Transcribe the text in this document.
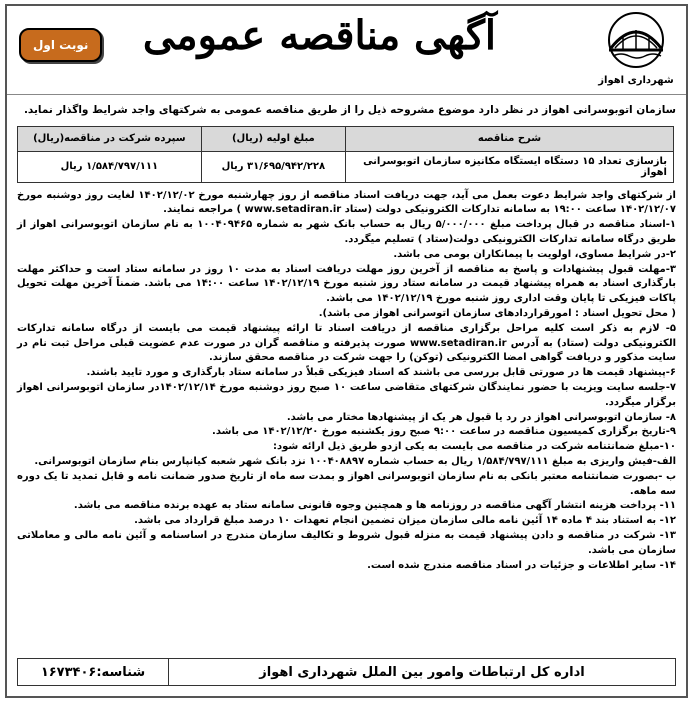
شهرداری اهواز
آگهی مناقصه عمومی
نوبت اول
سازمان اتوبوسرانی اهواز در نظر دارد موضوع مشروحه ذیل را از طریق مناقصه عمومی به شرکتهای واجد شرایط واگذار نماید.
شرح مناقصه	مبلغ اولیه (ریال)	سپرده شرکت در مناقصه(ریال)
بازسازی تعداد ۱۵ دستگاه ایستگاه مکانیزه سازمان اتوبوسرانی اهواز	۳۱/۶۹۵/۹۴۲/۲۲۸ ریال	۱/۵۸۴/۷۹۷/۱۱۱ ریال

از شرکتهای واجد شرایط دعوت بعمل می آید، جهت دریافت اسناد مناقصه از روز چهارشنبه مورخ ۱۴۰۲/۱۲/۰۲ لغایت روز دوشنبه مورخ ۱۴۰۲/۱۲/۰۷ ساعت ۱۹:۰۰ به سامانه تدارکات الکترونیکی دولت (ستاد www.setadiran.ir ) مراجعه نمایند.

۱-اسناد مناقصه در قبال پرداخت مبلغ ۵/۰۰۰/۰۰۰ ریال به حساب بانک شهر به شماره ۱۰۰۴۰۹۴۶۵ به نام سازمان اتوبوسرانی اهواز از طریق درگاه سامانه تدارکات الکترونیکی دولت(ستاد ) تسلیم میگردد.

۲-در شرایط مساوی، اولویت با پیمانکاران بومی می باشد.

۳-مهلت قبول پیشنهادات و پاسخ به مناقصه از آخرین روز مهلت دریافت اسناد به مدت ۱۰ روز در سامانه ستاد است و حداکثر مهلت بارگذاری اسناد به همراه پیشنهاد قیمت در سامانه ستاد روز شنبه مورخ ۱۴۰۲/۱۲/۱۹ ساعت ۱۴:۰۰ می باشد. ضمناً آخرین مهلت تحویل پاکات فیزیکی تا پایان وقت اداری روز شنبه مورخ ۱۴۰۲/۱۲/۱۹ می باشد.

( محل تحویل اسناد : امورقراردادهای سازمان اتوسرانی اهواز می باشد).

۵- لازم به ذکر است کلیه مراحل برگزاری مناقصه از دریافت اسناد تا ارائه پیشنهاد قیمت می بایست از درگاه سامانه تدارکات الکترونیکی دولت (ستاد) به آدرس www.setadiran.ir صورت پذیرفته و مناقصه گران در صورت عدم عضویت قبلی مراحل ثبت نام در سایت مذکور و دریافت گواهی امضا الکترونیکی (توکن) را جهت شرکت در مناقصه محقق سازند.

۶-پیشنهاد قیمت ها در صورتی قابل بررسی می باشند که اسناد فیزیکی قبلاً در سامانه ستاد بارگذاری و مورد تایید باشند.

۷-جلسه سایت ویزیت با حضور نمایندگان شرکتهای متقاضی ساعت ۱۰ صبح روز دوشنبه مورخ ۱۴۰۲/۱۲/۱۴در سازمان اتوبوسرانی اهواز برگزار میگردد.

۸- سازمان اتوبوسرانی اهواز در رد یا قبول هر یک از پیشنهادها مختار می باشد.

۹-تاریخ برگزاری کمیسیون مناقصه در ساعت ۹:۰۰ صبح روز یکشنبه مورخ ۱۴۰۲/۱۲/۲۰ می باشد.

۱۰-مبلغ ضمانتنامه شرکت در مناقصه می بایست به یکی ازدو طریق ذیل ارائه شود:

الف-فیش واریزی به مبلغ ۱/۵۸۴/۷۹۷/۱۱۱ ریال به حساب شماره ۱۰۰۴۰۸۸۹۷ نزد بانک شهر شعبه کیانپارس بنام سازمان اتوبوسرانی.

ب -بصورت ضمانتنامه معتبر بانکی به نام سازمان اتوبوسرانی اهواز و بمدت سه ماه از تاریخ صدور ضمانت نامه و قابل تمدید تا یک دوره سه ماهه.

۱۱- پرداخت هزینه انتشار آگهی مناقصه در روزنامه ها و همچنین وجوه قانونی سامانه ستاد به عهده برنده مناقصه می باشد.

۱۲- به استناد بند ۴ ماده ۱۴ آئین نامه مالی سازمان میزان تضمین انجام تعهدات ۱۰ درصد مبلغ قرارداد می باشد.

۱۳- شرکت در مناقصه و دادن پیشنهاد قیمت به منزله قبول شروط و تکالیف سازمان مندرج در اساسنامه و آئین نامه مالی و معاملاتی سازمان می باشد.

۱۴- سایر اطلاعات و جزئیات در اسناد مناقصه مندرج شده است.

اداره کل ارتباطات وامور بین الملل شهرداری اهواز
شناسه:
۱۶۷۳۴۰۶
